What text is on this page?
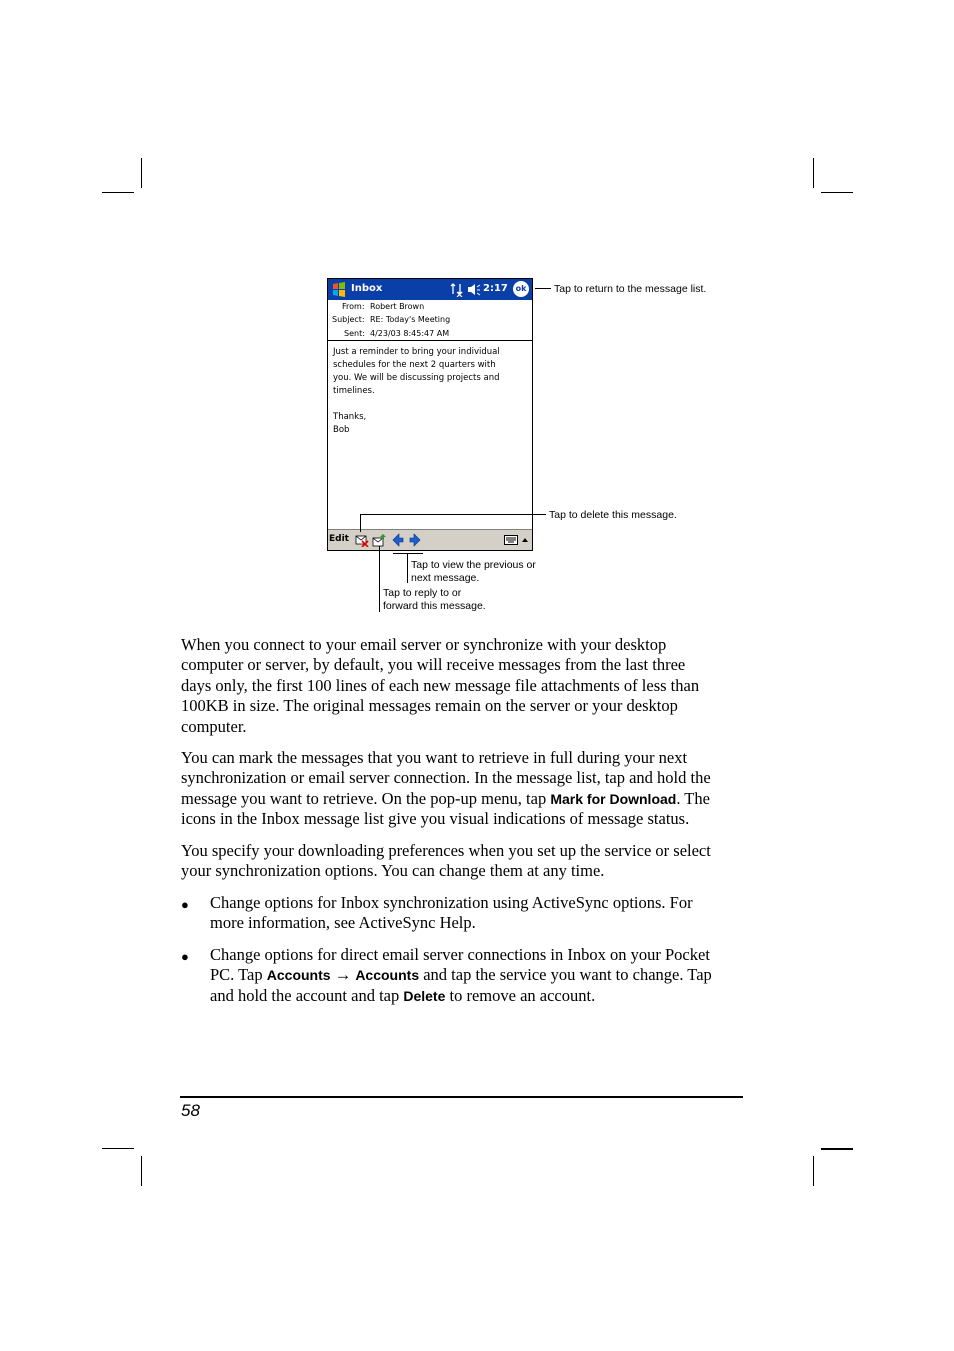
Inbox	2:17 ok
From: Robert Brown
Subject: RE: Today's Meeting
Sent: 4/23/03 8:45:47 AM
Just a reminder to bring your individual
schedules for the next 2 quarters with
you. We will be discussing projects and
timelines.
Thanks,
Bob
Edit
Tap to return to the message list.
Tap to delete this message.
Tap to view the previous or
next message.
Tap to reply to or
forward this message.
When you connect to your email server or synchronize with your desktop
computer or server, by default, you will receive messages from the last three
days only, the first 100 lines of each new message file attachments of less than
100KB in size. The original messages remain on the server or your desktop
computer.
You can mark the messages that you want to retrieve in full during your next
synchronization or email server connection. In the message list, tap and hold the
message you want to retrieve. On the pop-up menu, tap Mark for Download. The
icons in the Inbox message list give you visual indications of message status.
You specify your downloading preferences when you set up the service or select
your synchronization options. You can change them at any time.
● Change options for Inbox synchronization using ActiveSync options. For
more information, see ActiveSync Help.
● Change options for direct email server connections in Inbox on your Pocket
PC. Tap Accounts → Accounts and tap the service you want to change. Tap
and hold the account and tap Delete to remove an account.
58
